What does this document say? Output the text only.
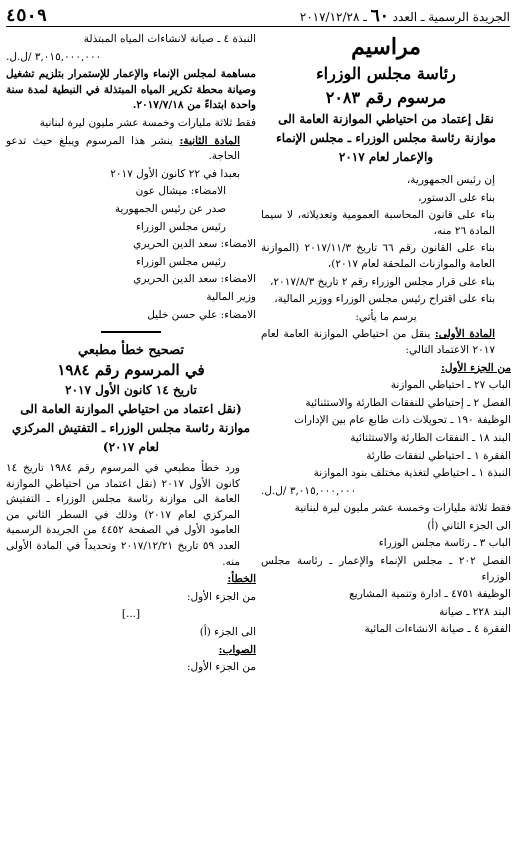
الجريدة الرسمية ـ العدد ٦٠ ـ ٢٠١٧/١٢/٢٨
٤٥٠٩
مراسيم
رئاسة مجلس الوزراء
مرسوم رقم ٢٠٨٣
نقل إعتماد من احتياطي الموازنة العامة الى موازنة رئاسة مجلس الوزراء ـ مجلس الإنماء والإعمار لعام ٢٠١٧

إن رئيس الجمهورية،

بناء على الدستور،

بناء على قانون المحاسبة العمومية وتعديلاته، لا سيما المادة ٢٦ منه،

بناء على القانون رقم ٦٦ تاريخ ٢٠١٧/١١/٣ (الموازنة العامة والموازنات الملحقة لعام ٢٠١٧)،

بناء على قرار مجلس الوزراء رقم ٢ تاريخ ٢٠١٧/٨/٣،

بناء على اقتراح رئيس مجلس الوزراء ووزير المالية،

يرسم ما يأتي:

المادة الأولى: ينقل من احتياطي الموازنة العامة لعام ٢٠١٧ الاعتماد التالي:

من الجزء الأول:

الباب ٢٧ ـ احتياطي الموازنة

الفصل ٢ ـ إحتياطي للنفقات الطارئة والاستثنائية

الوظيفة ١٩٠ ـ تحويلات ذات طابع عام بين الإدارات

البند ١٨ ـ النفقات الطارئة والاستثنائية

الفقرة ١ ـ احتياطي لنفقات طارئة

النبذة ١ ـ احتياطي لتغذية مختلف بنود الموازنة

٣,٠١٥,٠٠٠,٠٠٠ /ل.ل.

فقط ثلاثة مليارات وخمسة عشر مليون ليرة لبنانية

الى الجزء الثاني (أ)

الباب ٣ ـ رئاسة مجلس الوزراء

الفصل ٢٠٢ ـ مجلس الإنماء والإعمار ـ رئاسة مجلس الوزراء

الوظيفة ٤٧٥١ ـ ادارة وتنمية المشاريع

البند ٢٢٨ ـ صيانة

الفقرة ٤ ـ صيانة الانشاءات المائية

النبذة ٤ ـ صيانة لانشاءات المياه المبتذلة

٣,٠١٥,٠٠٠,٠٠٠ /ل.ل.

مساهمة لمجلس الإنماء والإعمار للإستمرار بتلزيم تشغيل وصيانة محطة تكرير المياه المبتذلة في النبطية لمدة سنة واحدة ابتداءً من ٢٠١٧/٧/١٨.

فقط ثلاثة مليارات وخمسة عشر مليون ليرة لبنانية

المادة الثانية: ينشر هذا المرسوم ويبلغ حيث تدعو الحاجة.

بعبدا في ٢٢ كانون الأول ٢٠١٧

الامضاء: ميشال عون

صدر عن رئيس الجمهورية

رئيس مجلس الوزراء

الامضاء: سعد الدين الحريري

رئيس مجلس الوزراء

الامضاء: سعد الدين الحريري

وزير المالية

الامضاء: علي حسن خليل

تصحيح خطأ مطبعي
في المرسوم رقم ١٩٨٤
تاريخ ١٤ كانون الأول ٢٠١٧
(نقل اعتماد من احتياطي الموازنة العامة الى موازنة رئاسة مجلس الوزراء ـ التفتيش المركزي لعام ٢٠١٧)

ورد خطأ مطبعي في المرسوم رقم ١٩٨٤ تاريخ ١٤ كانون الأول ٢٠١٧ (نقل اعتماد من احتياطي الموازنة العامة الى موازنة رئاسة مجلس الوزراء ـ التفتيش المركزي لعام ٢٠١٧) وذلك في السطر الثاني من العامود الأول في الصفحة ٤٤٥٢ من الجريدة الرسمية العدد ٥٩ تاريخ ٢٠١٧/١٢/٢١ وتحديداً في المادة الأولى منه.

الخطأ:

من الجزء الأول:

[...]

الى الجزء (أ)

الصواب:

من الجزء الأول:
